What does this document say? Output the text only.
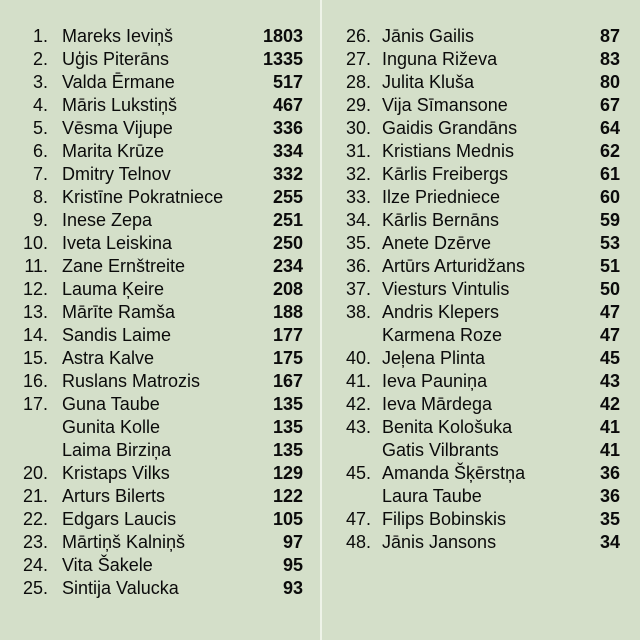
1. Mareks Ieviņš	1803
2. Uģis Piterāns	1335
3. Valda Ērmane	517
4. Māris Lukstiņš	467
5. Vēsma Vijupe	336
6. Marita Krūze	334
7. Dmitry Telnov	332
8. Kristīne Pokratniece	255
9. Inese Zepa	251
10. Iveta Leiskina	250
11. Zane Ernštreite	234
12. Lauma Ķeire	208
13. Mārīte Ramša	188
14. Sandis Laime	177
15. Astra Kalve	175
16. Ruslans Matrozis	167
17. Guna Taube	135
Gunita Kolle	135
Laima Birziņa	135
20. Kristaps Vilks	129
21. Arturs Bilerts	122
22. Edgars Laucis	105
23. Mārtiņš Kalniņš	97
24. Vita Šakele	95
25. Sintija Valucka	93
26. Jānis Gailis	87
27. Inguna Riževa	83
28. Julita Kluša	80
29. Vija Sīmansone	67
30. Gaidis Grandāns	64
31. Kristians Mednis	62
32. Kārlis Freibergs	61
33. Ilze Priedniece	60
34. Kārlis Bernāns	59
35. Anete Dzērve	53
36. Artūrs Arturidžans	51
37. Viesturs Vintulis	50
38. Andris Klepers	47
Karmena Roze	47
40. Jeļena Plinta	45
41. Ieva Pauniņa	43
42. Ieva Mārdega	42
43. Benita Kološuka	41
Gatis Vilbrants	41
45. Amanda Šķērstņa	36
Laura Taube	36
47. Filips Bobinskis	35
48. Jānis Jansons	34
